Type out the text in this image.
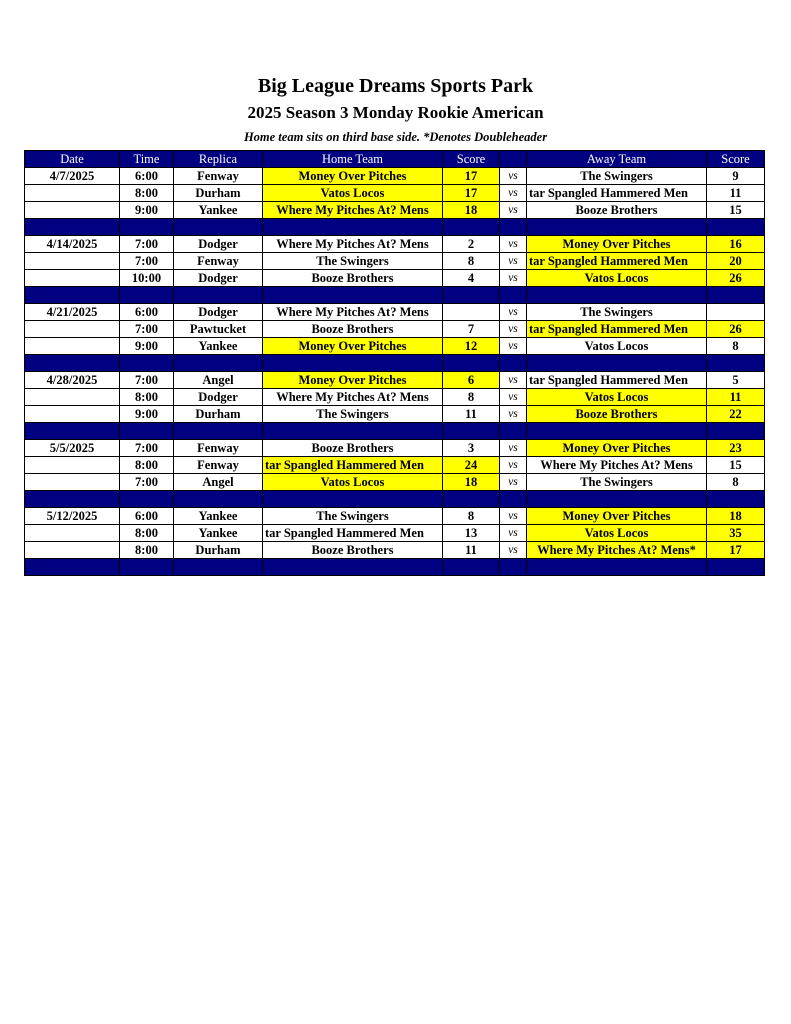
Big League Dreams Sports Park
2025 Season 3 Monday Rookie American
Home team sits on third base side. *Denotes Doubleheader
Date	Time	Replica	Home Team	Score		Away Team	Score
4/7/2025	6:00	Fenway	Money Over Pitches	17	vs	The Swingers	9
	8:00	Durham	Vatos Locos	17	vs	tar Spangled Hammered Men	11
	9:00	Yankee	Where My Pitches At? Mens	18	vs	Booze Brothers	15

4/14/2025	7:00	Dodger	Where My Pitches At? Mens	2	vs	Money Over Pitches	16
	7:00	Fenway	The Swingers	8	vs	tar Spangled Hammered Men	20
	10:00	Dodger	Booze Brothers	4	vs	Vatos Locos	26

4/21/2025	6:00	Dodger	Where My Pitches At? Mens		vs	The Swingers	
	7:00	Pawtucket	Booze Brothers	7	vs	tar Spangled Hammered Men	26
	9:00	Yankee	Money Over Pitches	12	vs	Vatos Locos	8

4/28/2025	7:00	Angel	Money Over Pitches	6	vs	tar Spangled Hammered Men	5
	8:00	Dodger	Where My Pitches At? Mens	8	vs	Vatos Locos	11
	9:00	Durham	The Swingers	11	vs	Booze Brothers	22

5/5/2025	7:00	Fenway	Booze Brothers	3	vs	Money Over Pitches	23
	8:00	Fenway	tar Spangled Hammered Men	24	vs	Where My Pitches At? Mens	15
	7:00	Angel	Vatos Locos	18	vs	The Swingers	8

5/12/2025	6:00	Yankee	The Swingers	8	vs	Money Over Pitches	18
	8:00	Yankee	tar Spangled Hammered Men	13	vs	Vatos Locos	35
	8:00	Durham	Booze Brothers	11	vs	Where My Pitches At? Mens*	17
